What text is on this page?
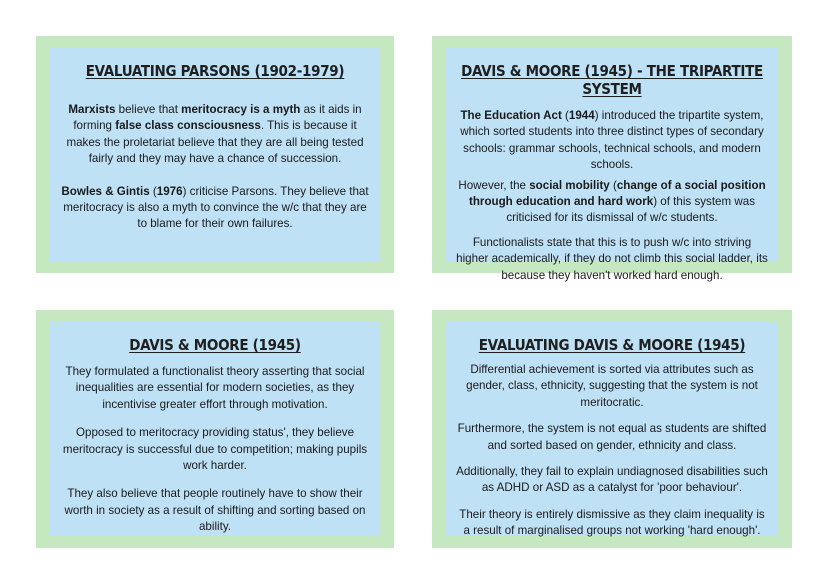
EVALUATING PARSONS (1902-1979)
Marxists believe that meritocracy is a myth as it aids in forming false class consciousness. This is because it makes the proletariat believe that they are all being tested fairly and they may have a chance of succession.
Bowles & Gintis (1976) criticise Parsons. They believe that meritocracy is also a myth to convince the w/c that they are to blame for their own failures.
DAVIS & MOORE (1945) - THE TRIPARTITE SYSTEM
The Education Act (1944) introduced the tripartite system, which sorted students into three distinct types of secondary schools: grammar schools, technical schools, and modern schools.
However, the social mobility (change of a social position through education and hard work) of this system was criticised for its dismissal of w/c students.
Functionalists state that this is to push w/c into striving higher academically, if they do not climb this social ladder, its because they haven't worked hard enough.
DAVIS & MOORE (1945)
They formulated a functionalist theory asserting that social inequalities are essential for modern societies, as they incentivise greater effort through motivation.
Opposed to meritocracy providing status', they believe meritocracy is successful due to competition; making pupils work harder.
They also believe that people routinely have to show their worth in society as a result of shifting and sorting based on ability.
EVALUATING DAVIS & MOORE (1945)
Differential achievement is sorted via attributes such as gender, class, ethnicity, suggesting that the system is not meritocratic.
Furthermore, the system is not equal as students are shifted and sorted based on gender, ethnicity and class.
Additionally, they fail to explain undiagnosed disabilities such as ADHD or ASD as a catalyst for 'poor behaviour'.
Their theory is entirely dismissive as they claim inequality is a result of marginalised groups not working 'hard enough'.
